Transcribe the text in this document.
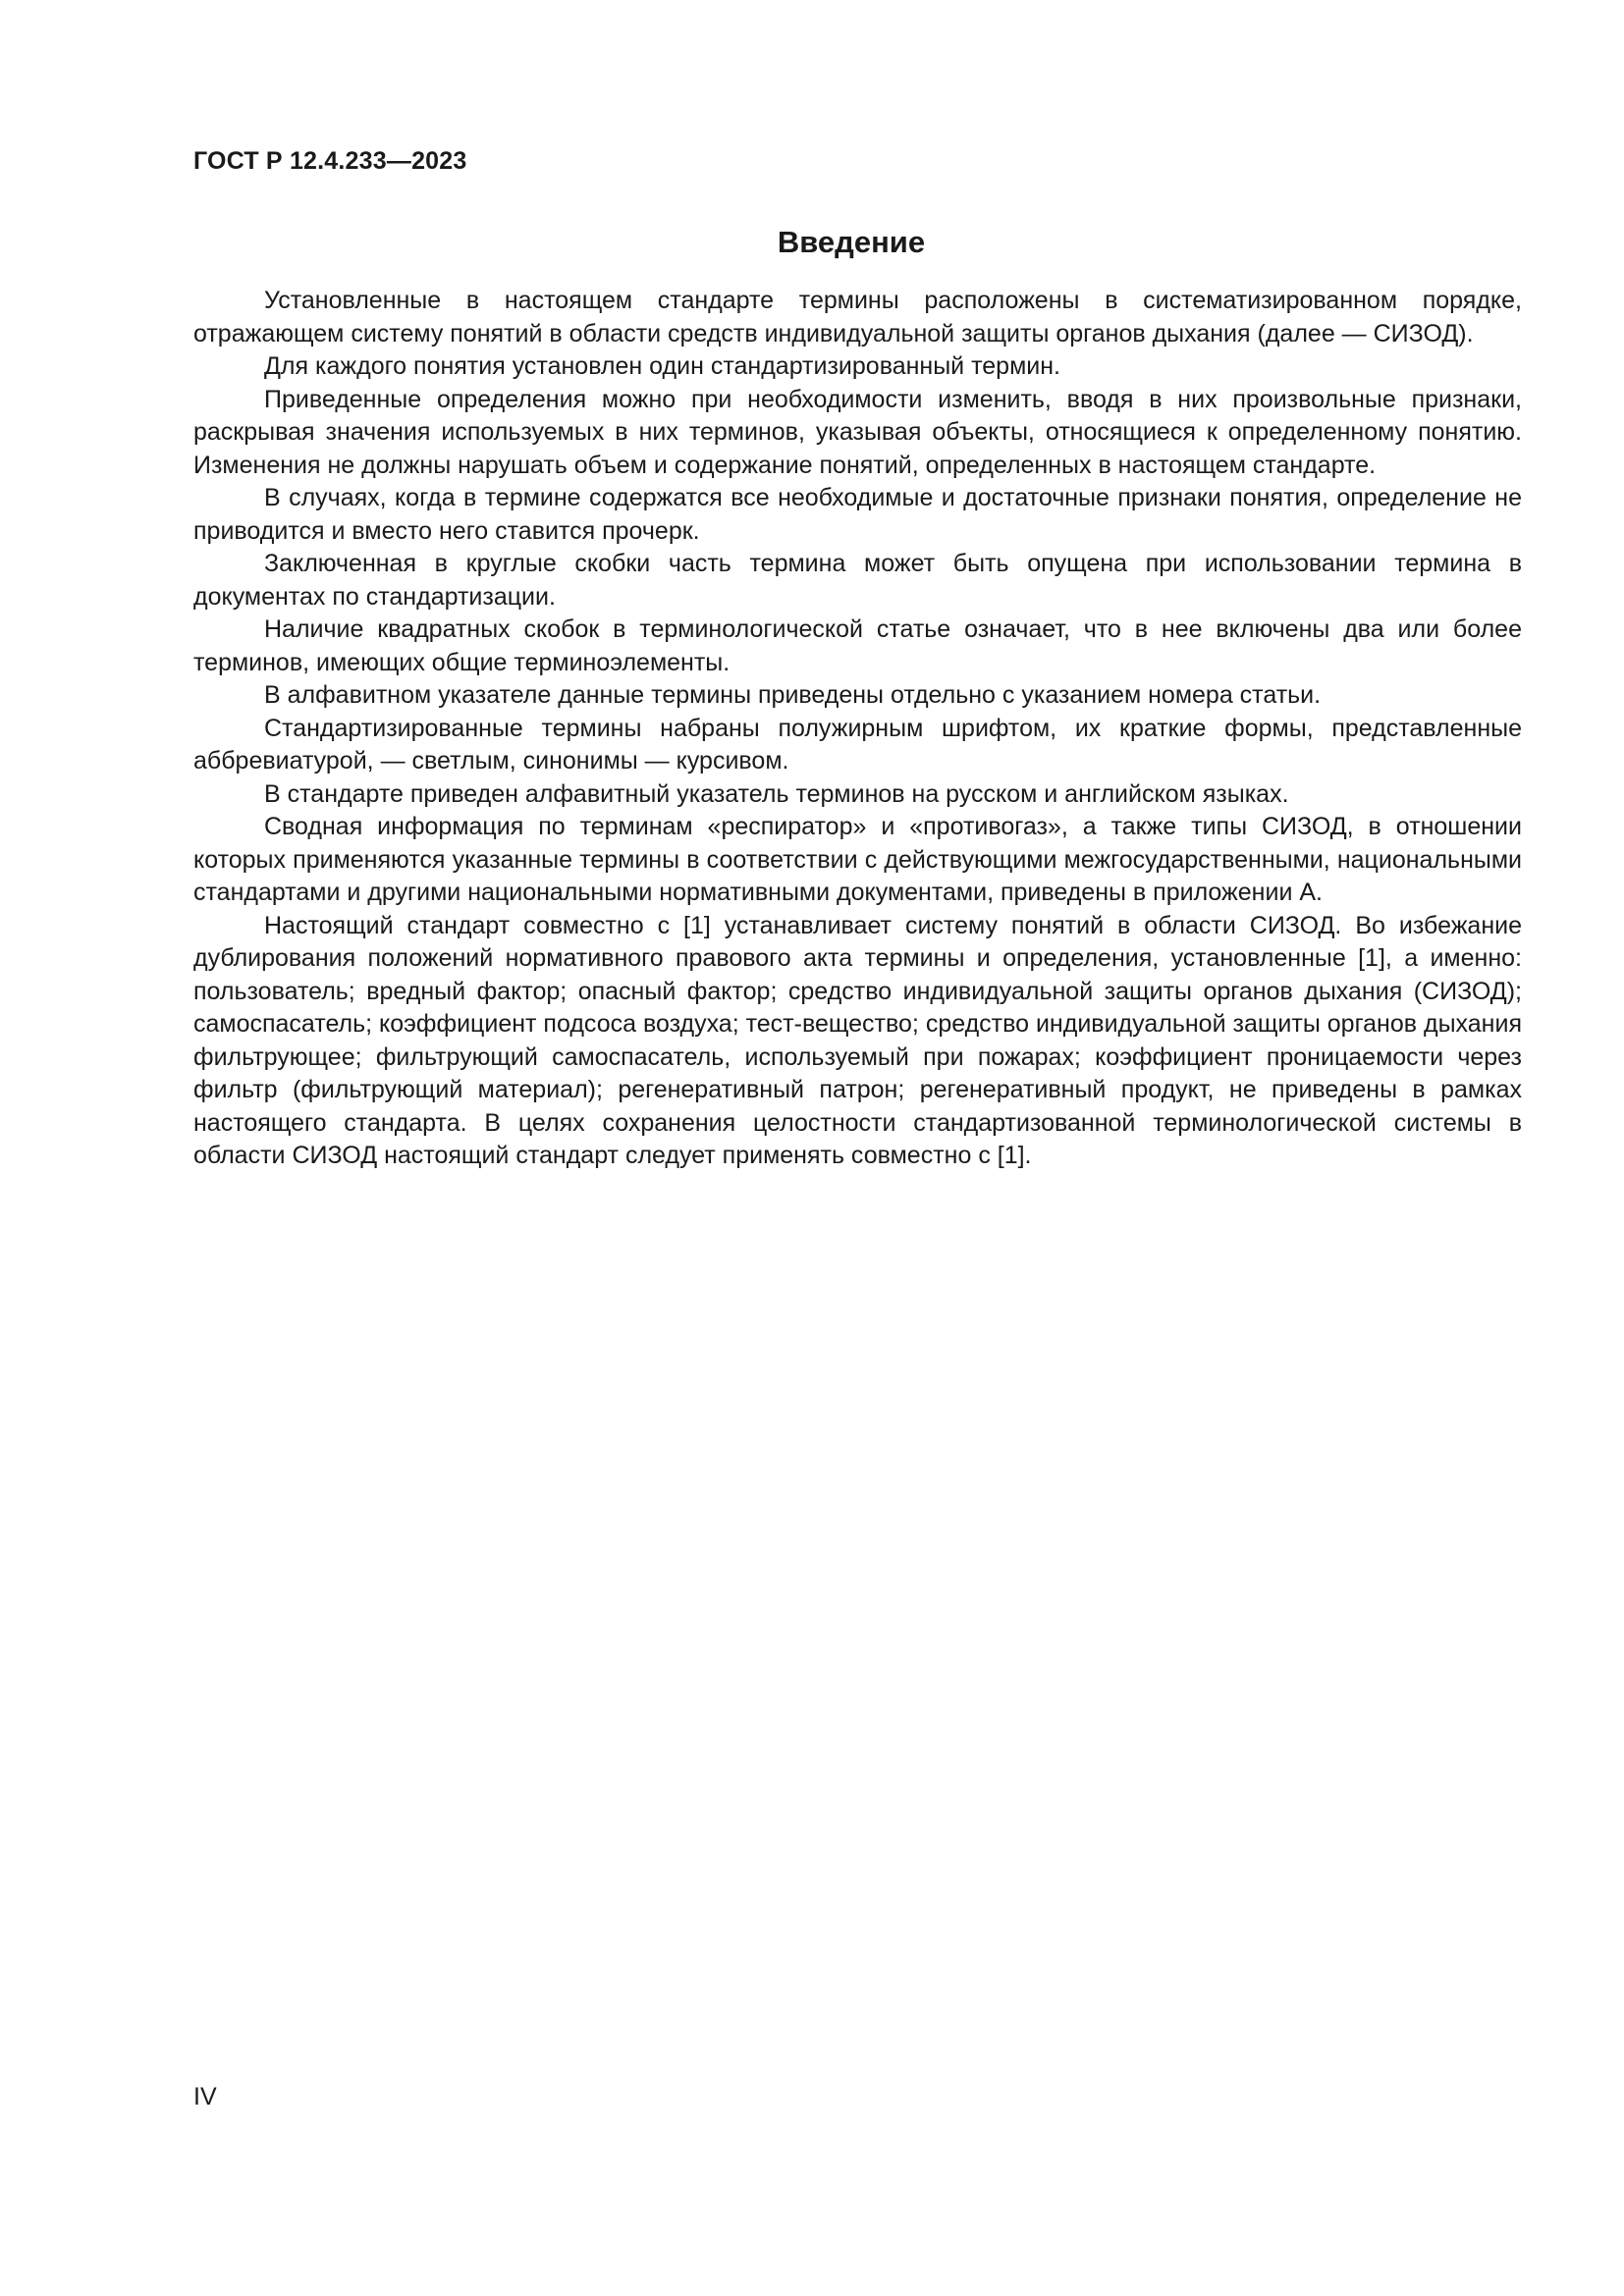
ГОСТ Р 12.4.233—2023
Введение

Установленные в настоящем стандарте термины расположены в систематизированном порядке, отражающем систему понятий в области средств индивидуальной защиты органов дыхания (далее — СИЗОД).

Для каждого понятия установлен один стандартизированный термин.

Приведенные определения можно при необходимости изменить, вводя в них произвольные признаки, раскрывая значения используемых в них терминов, указывая объекты, относящиеся к определенному понятию. Изменения не должны нарушать объем и содержание понятий, определенных в настоящем стандарте.

В случаях, когда в термине содержатся все необходимые и достаточные признаки понятия, определение не приводится и вместо него ставится прочерк.

Заключенная в круглые скобки часть термина может быть опущена при использовании термина в документах по стандартизации.

Наличие квадратных скобок в терминологической статье означает, что в нее включены два или более терминов, имеющих общие терминоэлементы.

В алфавитном указателе данные термины приведены отдельно с указанием номера статьи.

Стандартизированные термины набраны полужирным шрифтом, их краткие формы, представленные аббревиатурой, — светлым, синонимы — курсивом.

В стандарте приведен алфавитный указатель терминов на русском и английском языках.

Сводная информация по терминам «респиратор» и «противогаз», а также типы СИЗОД, в отношении которых применяются указанные термины в соответствии с действующими межгосударственными, национальными стандартами и другими национальными нормативными документами, приведены в приложении А.

Настоящий стандарт совместно с [1] устанавливает систему понятий в области СИЗОД. Во избежание дублирования положений нормативного правового акта термины и определения, установленные [1], а именно: пользователь; вредный фактор; опасный фактор; средство индивидуальной защиты органов дыхания (СИЗОД); самоспасатель; коэффициент подсоса воздуха; тест-вещество; средство индивидуальной защиты органов дыхания фильтрующее; фильтрующий самоспасатель, используемый при пожарах; коэффициент проницаемости через фильтр (фильтрующий материал); регенеративный патрон; регенеративный продукт, не приведены в рамках настоящего стандарта. В целях сохранения целостности стандартизованной терминологической системы в области СИЗОД настоящий стандарт следует применять совместно с [1].

IV
